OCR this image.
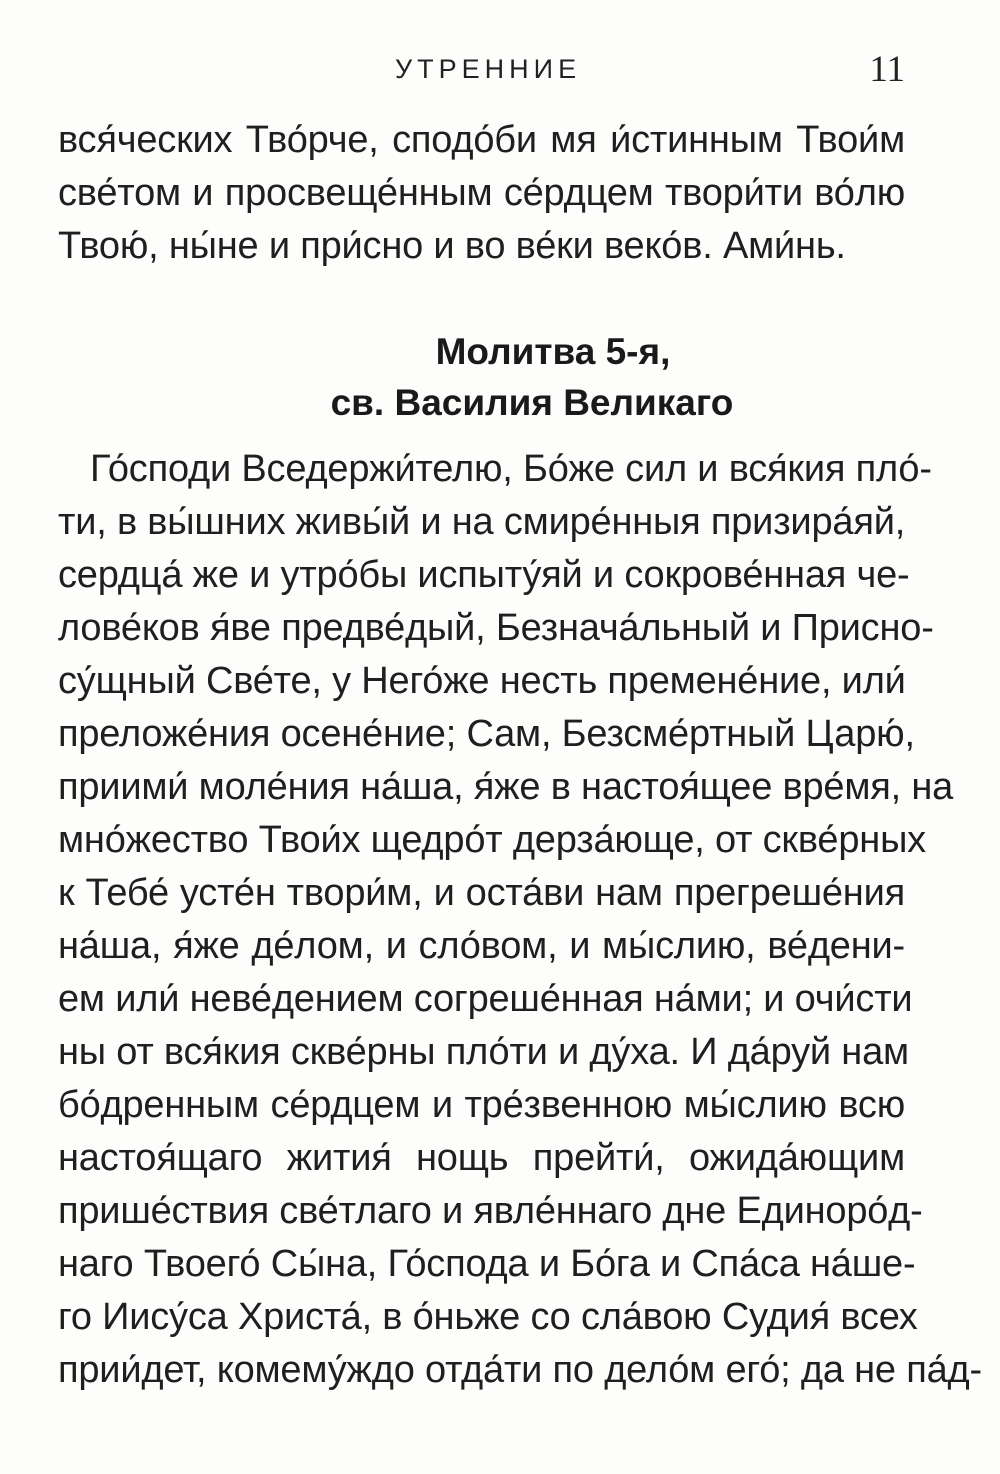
УТРЕННИЕ	11
вся́ческих Тво́рче, сподо́би мя и́стинным Твои́м
све́том и просвеще́нным се́рдцем твори́ти во́лю
Твою́, ны́не и при́сно и во ве́ки веко́в. Ами́нь.
Молитва 5-я,
св. Василия Великаго
Го́споди Вседержи́телю, Бо́же сил и вся́кия пло́-
ти, в вы́шних живы́й и на смире́нныя призира́яй,
сердца́ же и утро́бы испыту́яй и сокрове́нная че-
лове́ков я́ве предве́дый, Безнача́льный и Присно-
су́щный Све́те, у Него́же несть премене́ние, или́
преложе́ния осене́ние; Сам, Безсме́ртный Царю́,
приими́ моле́ния на́ша, я́же в настоя́щее вре́мя, на
мно́жество Твои́х щедро́т дерза́юще, от скве́рных
к Тебе́ усте́н твори́м, и оста́ви нам прегреше́ния
на́ша, я́же де́лом, и сло́вом, и мы́слию, ве́дени-
ем или́ неве́дением согреше́нная на́ми; и очи́сти
ны от вся́кия скве́рны пло́ти и ду́ха. И да́руй нам
бо́дренным се́рдцем и тре́звенною мы́слию всю
настоя́щаго жития́ нощь прейти́, ожида́ющим
прише́ствия све́тлаго и явле́ннаго дне Единоро́д-
наго Твоего́ Сы́на, Го́спода и Бо́га и Спа́са на́ше-
го Иису́са Христа́, в о́ньже со сла́вою Судия́ всех
прии́дет, комему́ждо отда́ти по дело́м его́; да не па́д-
